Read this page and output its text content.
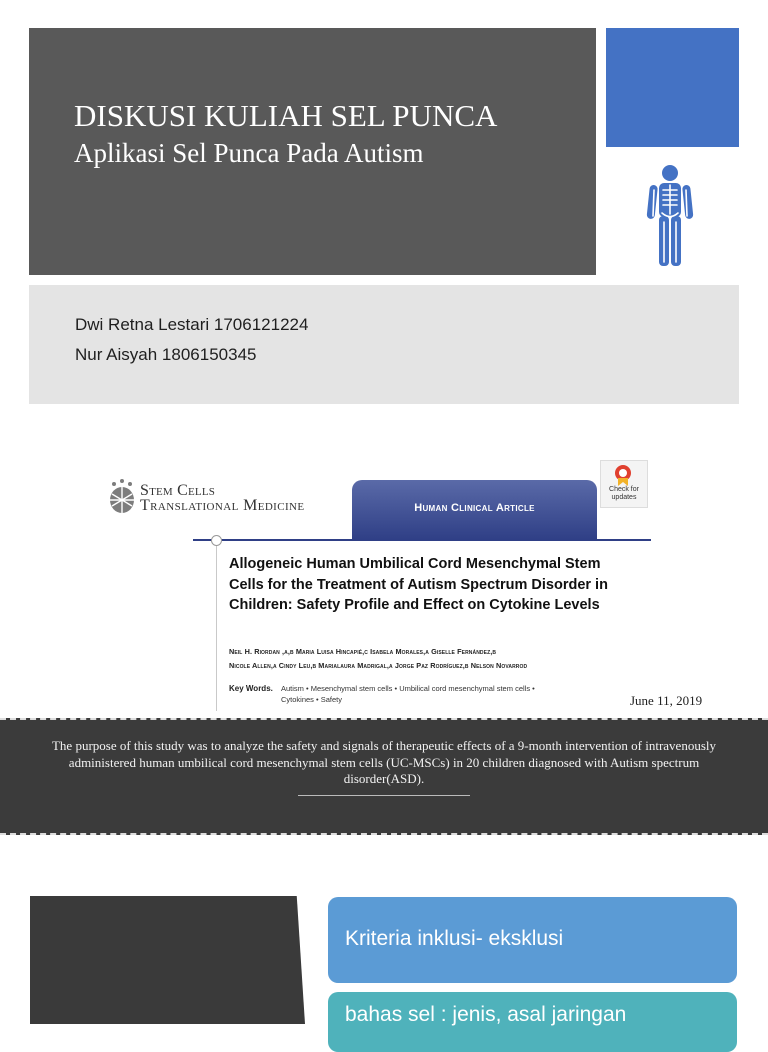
DISKUSI KULIAH SEL PUNCA
Aplikasi Sel Punca Pada Autism
Dwi Retna Lestari 1706121224
Nur Aisyah 1806150345
Stem Cells
Translational Medicine	Human Clinical Article
Check for updates
Allogeneic Human Umbilical Cord Mesenchymal Stem Cells for the Treatment of Autism Spectrum Disorder in Children: Safety Profile and Effect on Cytokine Levels
Neil H. Riordan ,a,b Maria Luisa Hincapié,c Isabela Morales,a Giselle Fernández,b
Nicole Allen,a Cindy Leu,b Marialaura Madrigal,a Jorge Paz Rodríguez,b Nelson Novarrod
Key Words. Autism • Mesenchymal stem cells • Umbilical cord mesenchymal stem cells •
Cytokines • Safety	June 11, 2019
The purpose of this study was to analyze the safety and signals of therapeutic effects of a 9-month intervention of intravenously administered human umbilical cord mesenchymal stem cells (UC-MSCs) in 20 children diagnosed with Autism spectrum disorder(ASD).
Kriteria inklusi- eksklusi
bahas sel : jenis, asal jaringan
